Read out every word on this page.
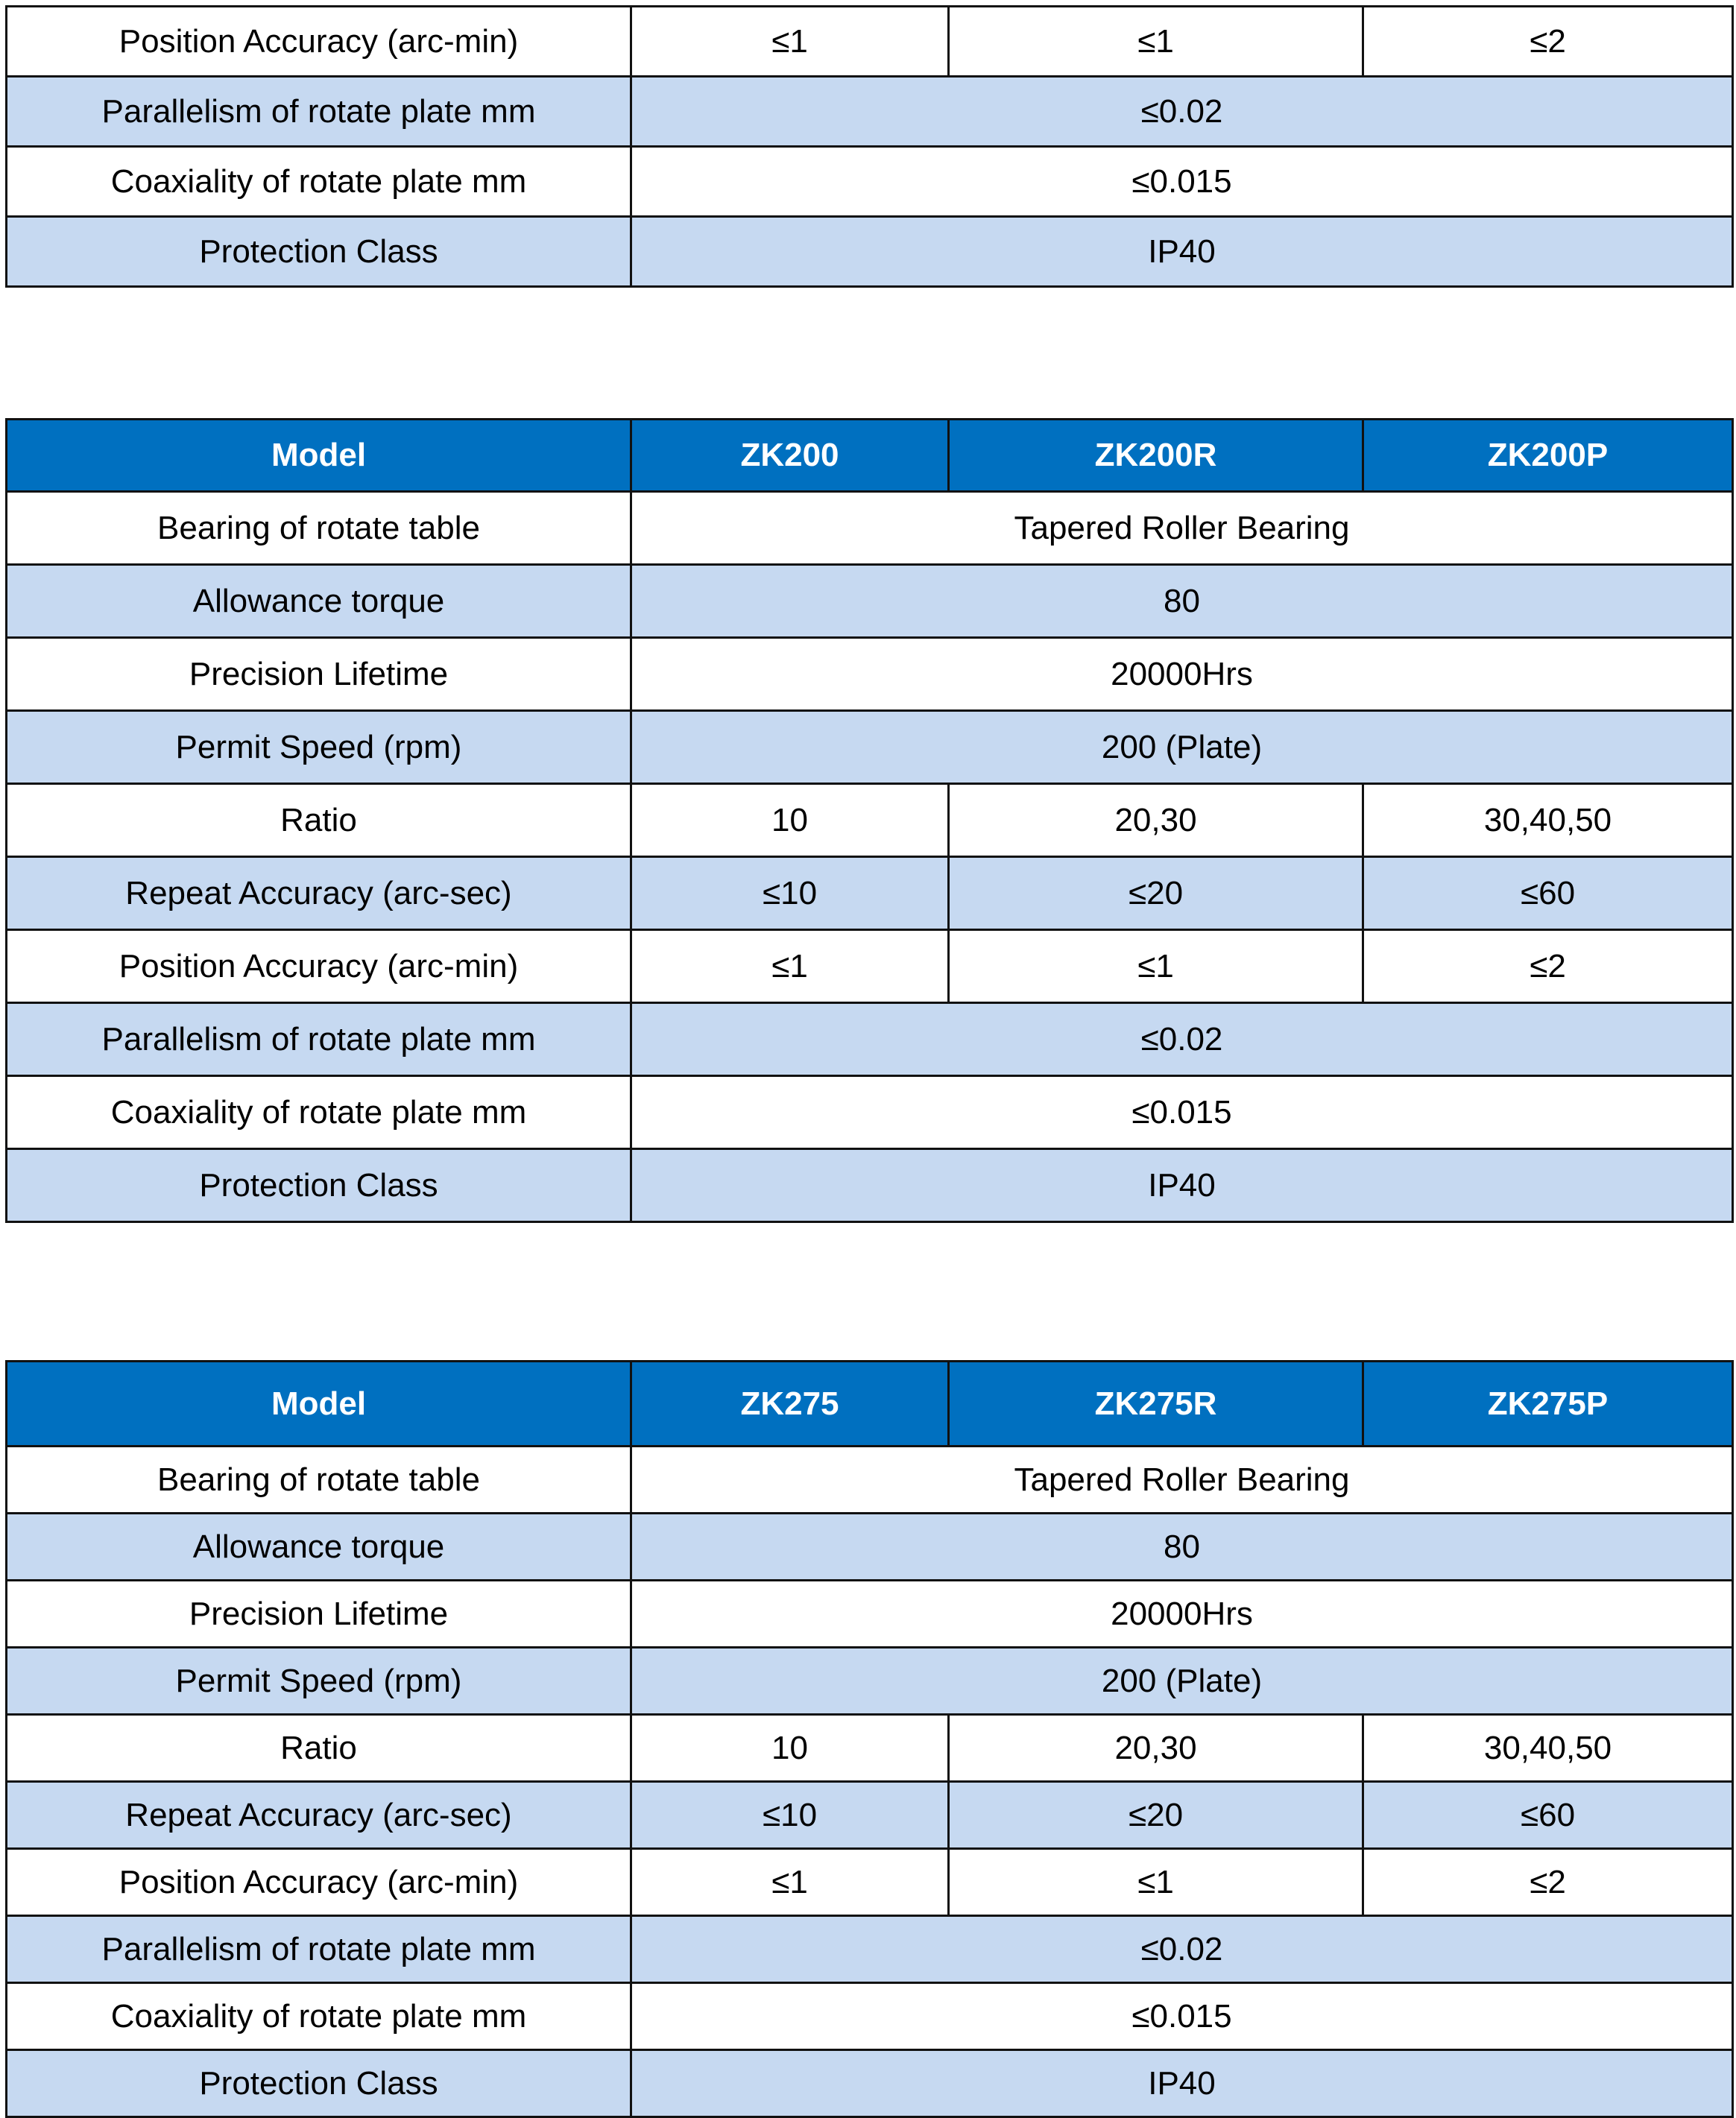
Position Accuracy (arc-min)	≤1	≤1	≤2
Parallelism of rotate plate mm	≤0.02		
Coaxiality of rotate plate mm	≤0.015		
Protection Class	IP40		
Model	ZK200	ZK200R	ZK200P
Bearing of rotate table	Tapered Roller Bearing		
Allowance torque	80		
Precision Lifetime	20000Hrs		
Permit Speed (rpm)	200 (Plate)		
Ratio	10	20,30	30,40,50
Repeat Accuracy (arc-sec)	≤10	≤20	≤60
Position Accuracy (arc-min)	≤1	≤1	≤2
Parallelism of rotate plate mm	≤0.02		
Coaxiality of rotate plate mm	≤0.015		
Protection Class	IP40		
Model	ZK275	ZK275R	ZK275P
Bearing of rotate table	Tapered Roller Bearing		
Allowance torque	80		
Precision Lifetime	20000Hrs		
Permit Speed (rpm)	200 (Plate)		
Ratio	10	20,30	30,40,50
Repeat Accuracy (arc-sec)	≤10	≤20	≤60
Position Accuracy (arc-min)	≤1	≤1	≤2
Parallelism of rotate plate mm	≤0.02		
Coaxiality of rotate plate mm	≤0.015		
Protection Class	IP40		
